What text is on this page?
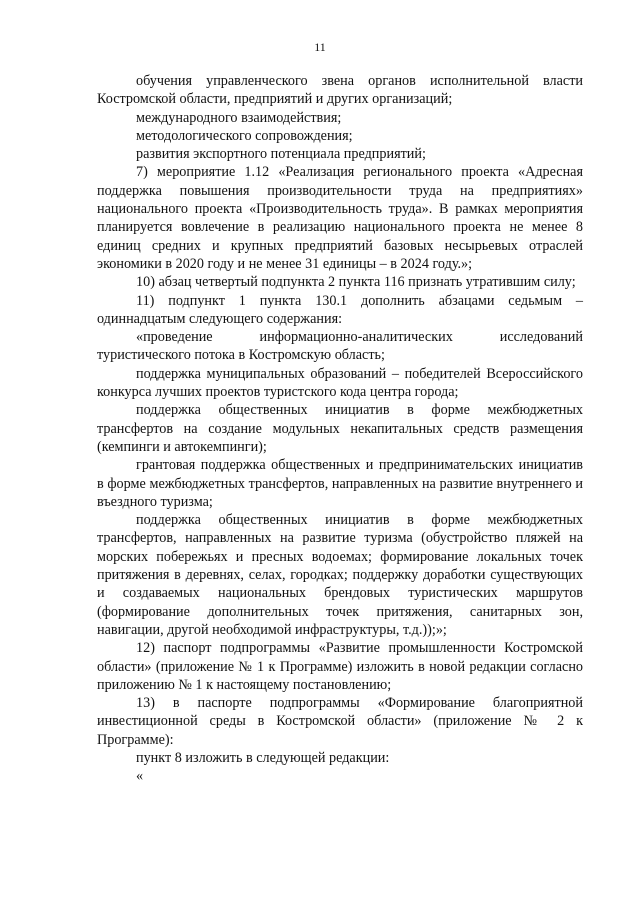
11

обучения управленческого звена органов исполнительной власти Костромской области, предприятий и других организаций;

международного взаимодействия;

методологического сопровождения;

развития экспортного потенциала предприятий;

7) мероприятие 1.12 «Реализация регионального проекта «Адресная поддержка повышения производительности труда на предприятиях» национального проекта «Производительность труда». В рамках мероприятия планируется вовлечение в реализацию национального проекта не менее 8 единиц средних и крупных предприятий базовых несырьевых отраслей экономики в 2020 году и не менее 31 единицы – в 2024 году.»;

10) абзац четвертый подпункта 2 пункта 116 признать утратившим силу;

11) подпункт 1 пункта 130.1 дополнить абзацами седьмым – одиннадцатым следующего содержания:

«проведение информационно-аналитических исследований туристического потока в Костромскую область;

поддержка муниципальных образований – победителей Всероссийского конкурса лучших проектов туристского кода центра города;

поддержка общественных инициатив в форме межбюджетных трансфертов на создание модульных некапитальных средств размещения (кемпинги и автокемпинги);

грантовая поддержка общественных и предпринимательских инициатив в форме межбюджетных трансфертов, направленных на развитие внутреннего и въездного туризма;

поддержка общественных инициатив в форме межбюджетных трансфертов, направленных на развитие туризма (обустройство пляжей на морских побережьях и пресных водоемах; формирование локальных точек притяжения в деревнях, селах, городках; поддержку доработки существующих и создаваемых национальных брендовых туристических маршрутов (формирование дополнительных точек притяжения, санитарных зон, навигации, другой необходимой инфраструктуры, т.д.));»;

12) паспорт подпрограммы «Развитие промышленности Костромской области» (приложение № 1 к Программе) изложить в новой редакции согласно приложению № 1 к настоящему постановлению;

13) в паспорте подпрограммы «Формирование благоприятной инвестиционной среды в Костромской области» (приложение № 2 к Программе):

пункт 8 изложить в следующей редакции:

«
